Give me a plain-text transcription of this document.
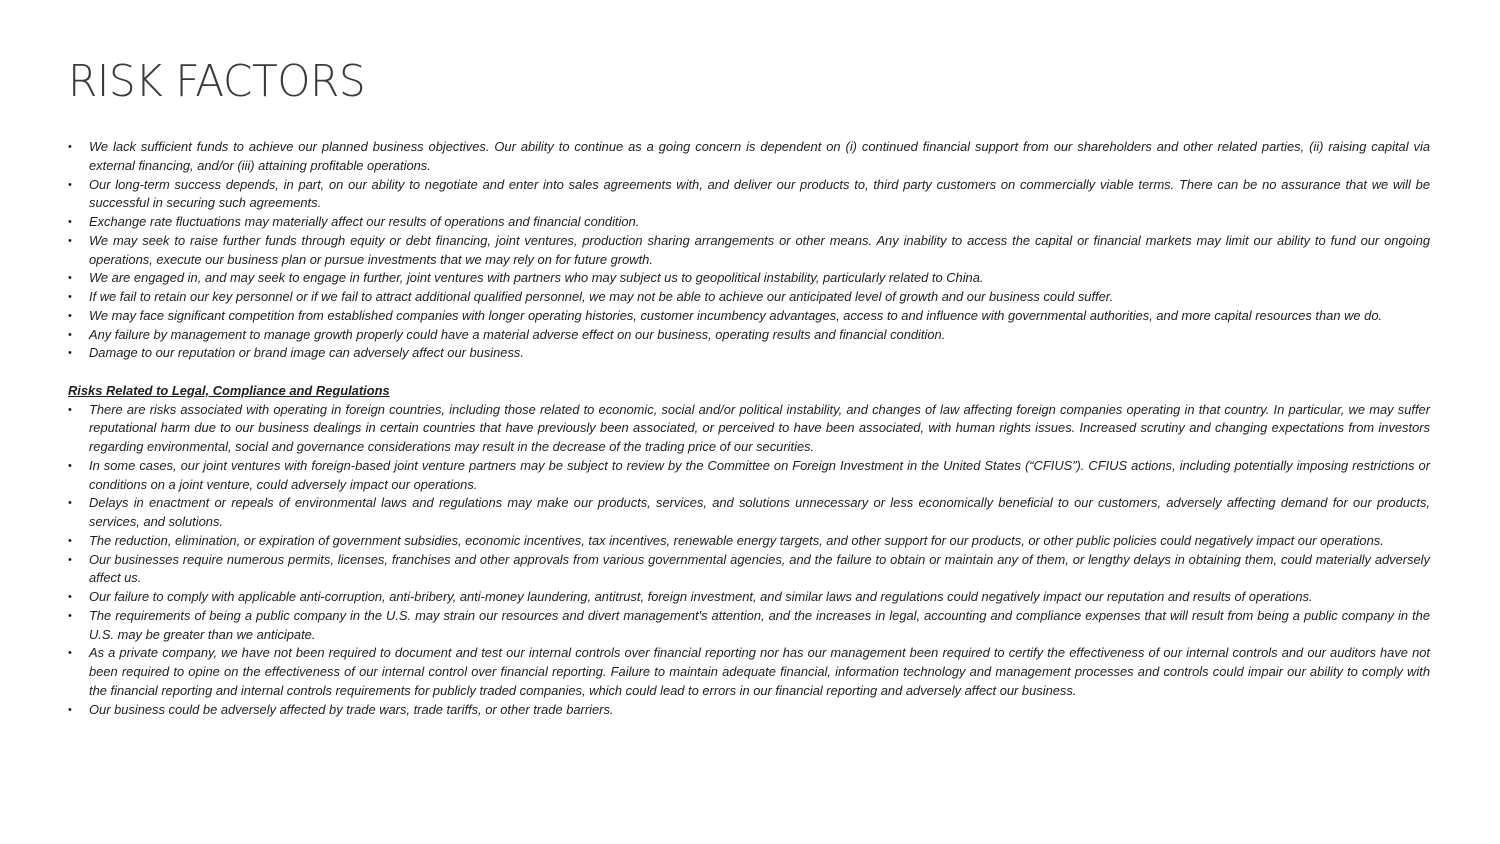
RISK FACTORS
• We lack sufficient funds to achieve our planned business objectives. Our ability to continue as a going concern is dependent on (i) continued financial support from our shareholders and other related parties, (ii) raising capital via external financing, and/or (iii) attaining profitable operations.
• Our long-term success depends, in part, on our ability to negotiate and enter into sales agreements with, and deliver our products to, third party customers on commercially viable terms. There can be no assurance that we will be successful in securing such agreements.
• Exchange rate fluctuations may materially affect our results of operations and financial condition.
• We may seek to raise further funds through equity or debt financing, joint ventures, production sharing arrangements or other means. Any inability to access the capital or financial markets may limit our ability to fund our ongoing operations, execute our business plan or pursue investments that we may rely on for future growth.
• We are engaged in, and may seek to engage in further, joint ventures with partners who may subject us to geopolitical instability, particularly related to China.
• If we fail to retain our key personnel or if we fail to attract additional qualified personnel, we may not be able to achieve our anticipated level of growth and our business could suffer.
• We may face significant competition from established companies with longer operating histories, customer incumbency advantages, access to and influence with governmental authorities, and more capital resources than we do.
• Any failure by management to manage growth properly could have a material adverse effect on our business, operating results and financial condition.
• Damage to our reputation or brand image can adversely affect our business.
Risks Related to Legal, Compliance and Regulations
• There are risks associated with operating in foreign countries, including those related to economic, social and/or political instability, and changes of law affecting foreign companies operating in that country. In particular, we may suffer reputational harm due to our business dealings in certain countries that have previously been associated, or perceived to have been associated, with human rights issues. Increased scrutiny and changing expectations from investors regarding environmental, social and governance considerations may result in the decrease of the trading price of our securities.
• In some cases, our joint ventures with foreign-based joint venture partners may be subject to review by the Committee on Foreign Investment in the United States (“CFIUS”). CFIUS actions, including potentially imposing restrictions or conditions on a joint venture, could adversely impact our operations.
• Delays in enactment or repeals of environmental laws and regulations may make our products, services, and solutions unnecessary or less economically beneficial to our customers, adversely affecting demand for our products, services, and solutions.
• The reduction, elimination, or expiration of government subsidies, economic incentives, tax incentives, renewable energy targets, and other support for our products, or other public policies could negatively impact our operations.
• Our businesses require numerous permits, licenses, franchises and other approvals from various governmental agencies, and the failure to obtain or maintain any of them, or lengthy delays in obtaining them, could materially adversely affect us.
• Our failure to comply with applicable anti-corruption, anti-bribery, anti-money laundering, antitrust, foreign investment, and similar laws and regulations could negatively impact our reputation and results of operations.
• The requirements of being a public company in the U.S. may strain our resources and divert management's attention, and the increases in legal, accounting and compliance expenses that will result from being a public company in the U.S. may be greater than we anticipate.
• As a private company, we have not been required to document and test our internal controls over financial reporting nor has our management been required to certify the effectiveness of our internal controls and our auditors have not been required to opine on the effectiveness of our internal control over financial reporting. Failure to maintain adequate financial, information technology and management processes and controls could impair our ability to comply with the financial reporting and internal controls requirements for publicly traded companies, which could lead to errors in our financial reporting and adversely affect our business.
• Our business could be adversely affected by trade wars, trade tariffs, or other trade barriers.
